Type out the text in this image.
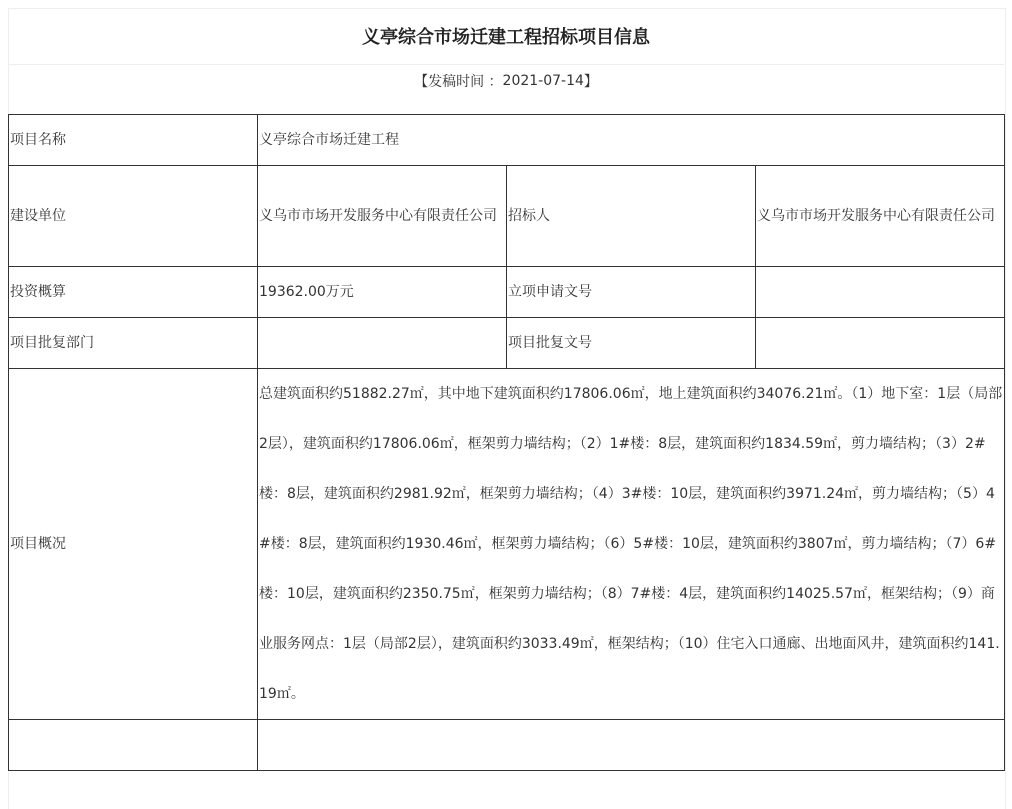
义亭综合市场迁建工程招标项目信息
【发稿时间 ： 2021-07-14 】
项目名称	义亭综合市场迁建工程		
建设单位	义乌市市场开发服务中心有限责任公司	招标人	义乌市市场开发服务中心有限责任公司
投资概算	19362.00万元	立项申请文号	
项目批复部门		项目批复文号	
项目概况	总建筑面积约51882.27㎡，其中地下建筑面积约17806.06㎡，地上建筑面积约34076.21㎡。（1）地下室：1层（局部2层），建筑面积约17806.06㎡，框架剪力墙结构；（2）1#楼：8层，建筑面积约1834.59㎡，剪力墙结构；（3）2#楼：8层，建筑面积约2981.92㎡，框架剪力墙结构；（4）3#楼：10层，建筑面积约3971.24㎡，剪力墙结构；（5）4#楼：8层，建筑面积约1930.46㎡，框架剪力墙结构；（6）5#楼：10层，建筑面积约3807㎡，剪力墙结构；（7）6#楼：10层，建筑面积约2350.75㎡，框架剪力墙结构；（8）7#楼：4层，建筑面积约14025.57㎡，框架结构；（9）商业服务网点：1层（局部2层），建筑面积约3033.49㎡，框架结构；（10）住宅入口通廊、出地面风井，建筑面积约141.19㎡。		
